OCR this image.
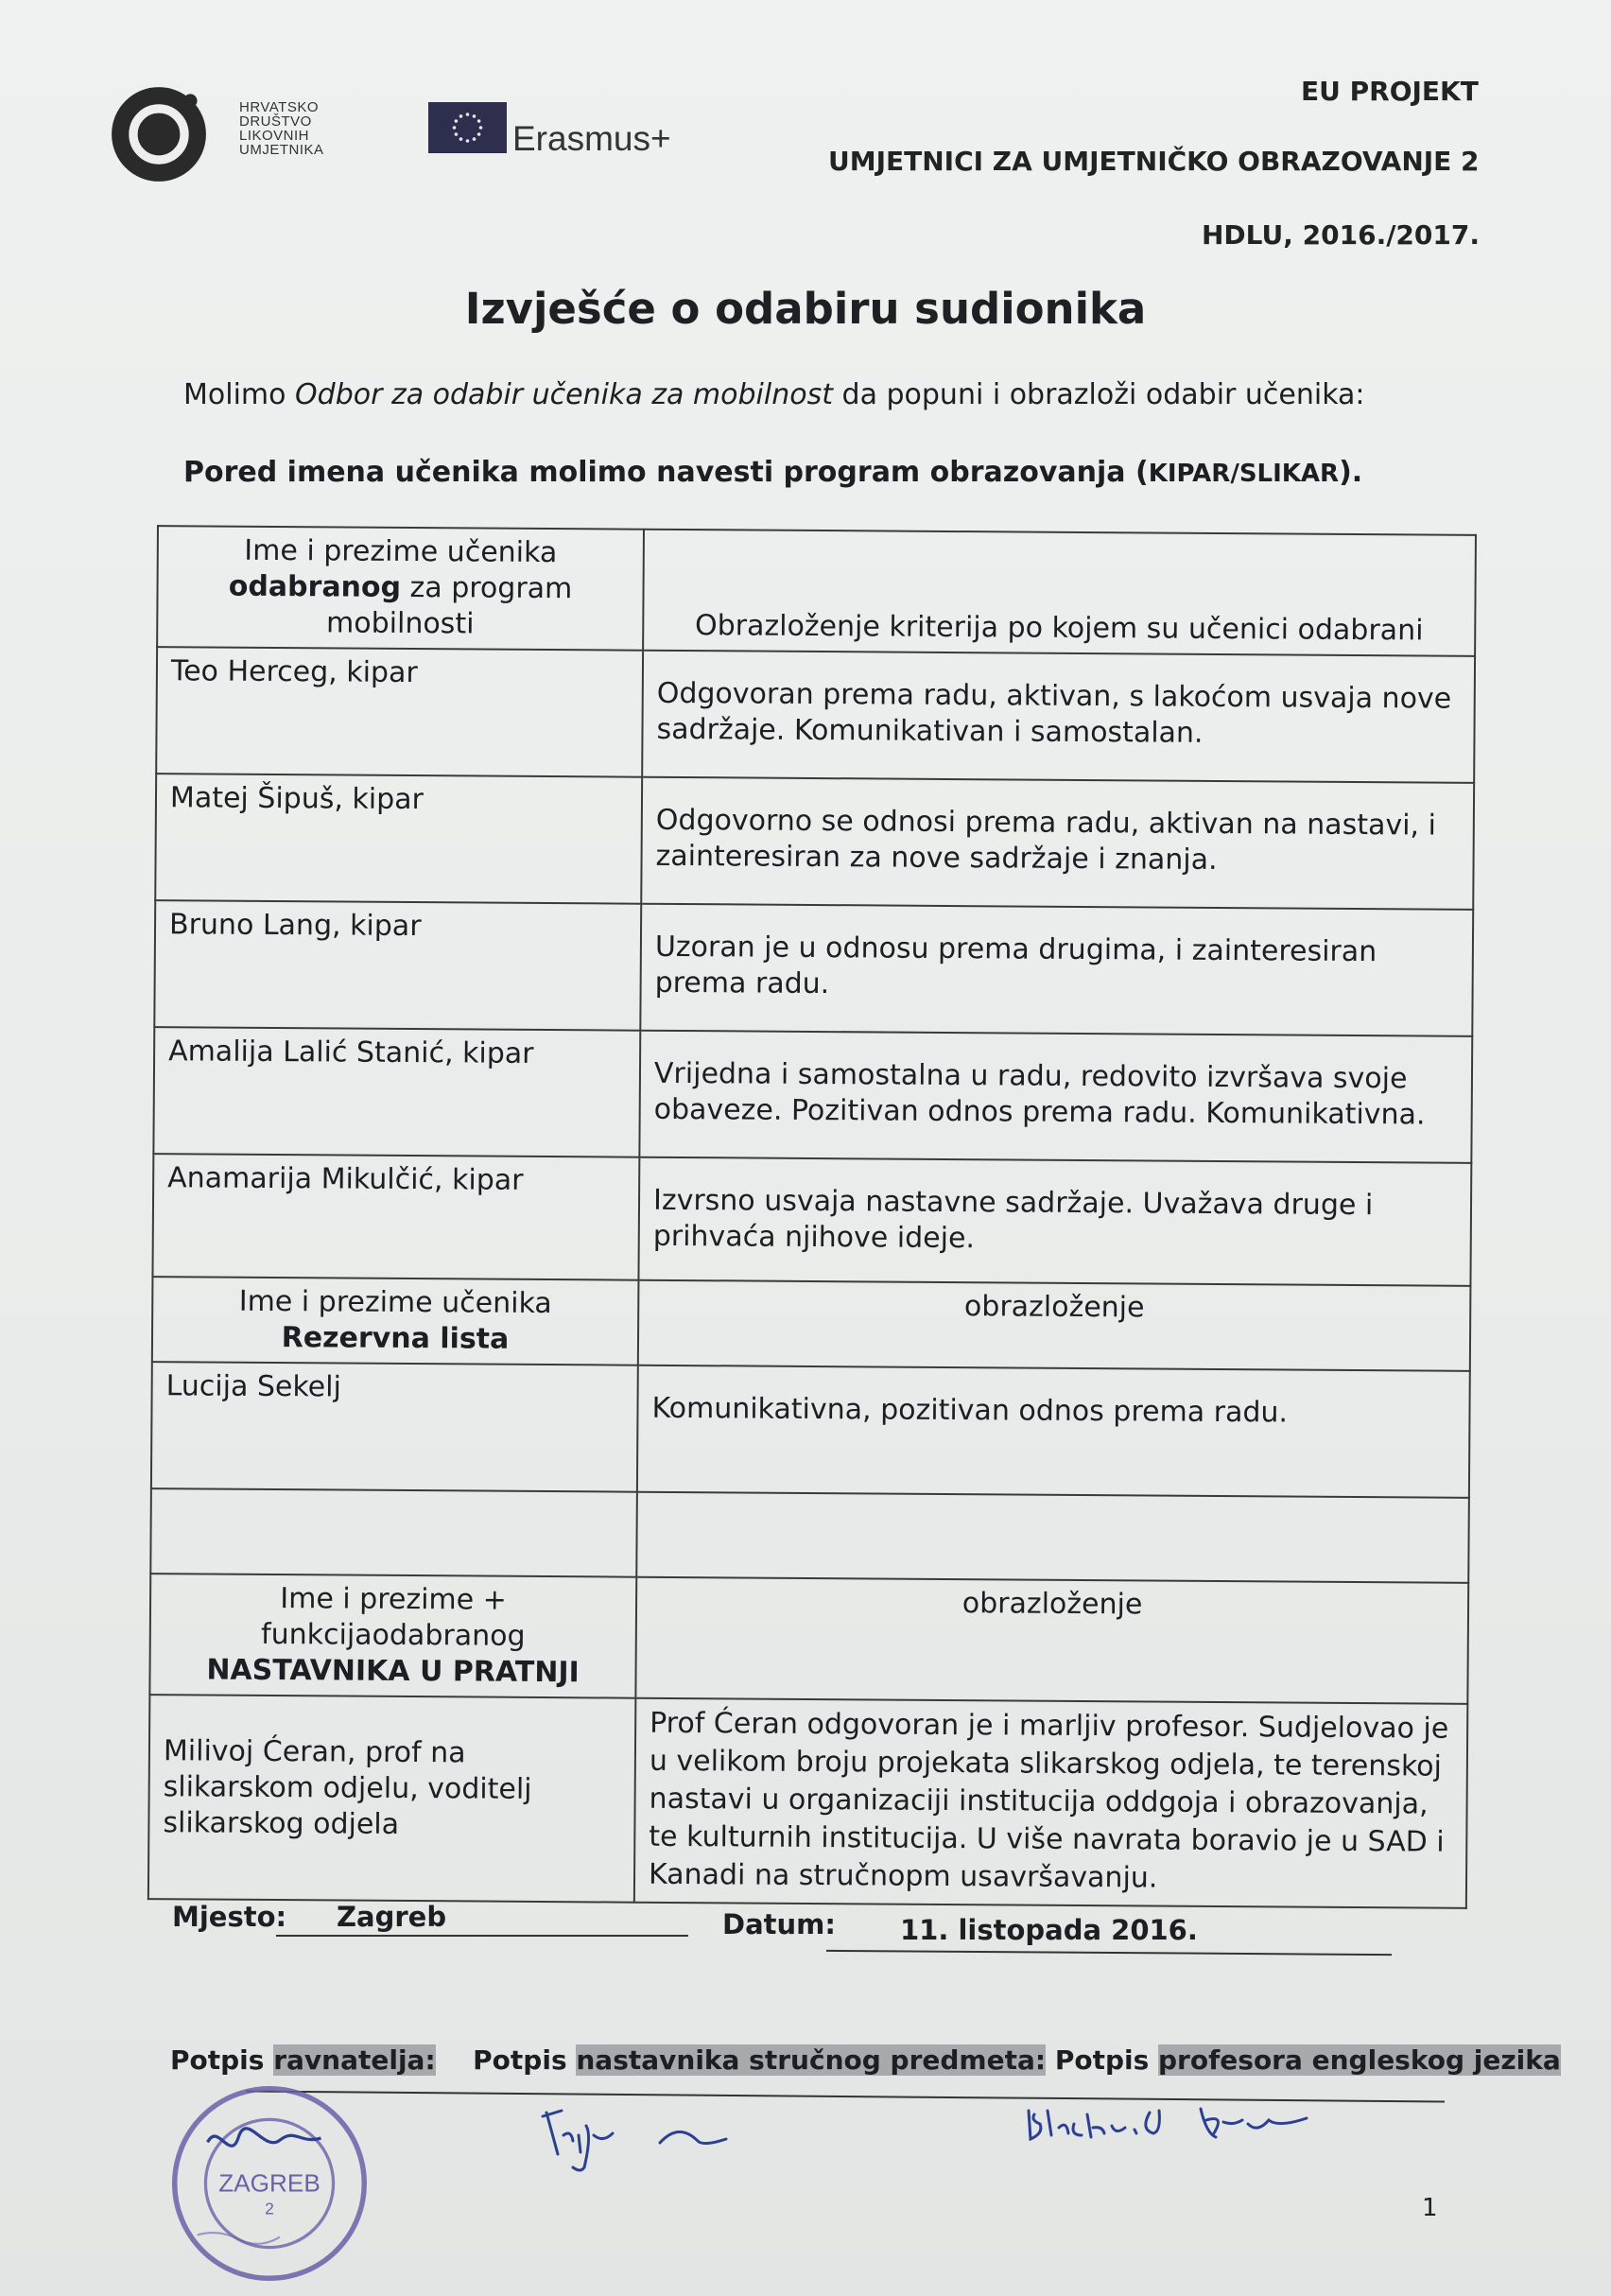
HRVATSKO
DRUŠTVO
LIKOVNIH
UMJETNIKA	Erasmus+
EU PROJEKT
UMJETNICI ZA UMJETNIČKO OBRAZOVANJE 2
HDLU, 2016./2017.
Izvješće o odabiru sudionika
Molimo Odbor za odabir učenika za mobilnost da popuni i obrazloži odabir učenika:
Pored imena učenika molimo navesti program obrazovanja (KIPAR/SLIKAR).
Ime i prezime učenika
odabranog za program mobilnosti	Obrazloženje kriterija po kojem su učenici odabrani
Teo Herceg, kipar	Odgovoran prema radu, aktivan, s lakoćom usvaja nove sadržaje. Komunikativan i samostalan.
Matej Šipuš, kipar	Odgovorno se odnosi prema radu, aktivan na nastavi, i zainteresiran za nove sadržaje i znanja.
Bruno Lang, kipar	Uzoran je u odnosu prema drugima, i zainteresiran prema radu.
Amalija Lalić Stanić, kipar	Vrijedna i samostalna u radu, redovito izvršava svoje obaveze. Pozitivan odnos prema radu. Komunikativna.
Anamarija Mikulčić, kipar	Izvrsno usvaja nastavne sadržaje. Uvažava druge i prihvaća njihove ideje.

Ime i prezime učenika
Rezervna lista	obrazloženje
Lucija Sekelj	Komunikativna, pozitivan odnos prema radu.

Ime i prezime + funkcijaodabranog
NASTAVNIKA U PRATNJI	obrazloženje
Milivoj Ćeran, prof na slikarskom odjelu, voditelj slikarskog odjela	Prof Ćeran odgovoran je i marljiv profesor. Sudjelovao je u velikom broju projekata slikarskog odjela, te terenskoj nastavi u organizaciji institucija oddgoja i obrazovanja, te kulturnih institucija. U više navrata boravio je u SAD i Kanadi na stručnopm usavršavanju.
Mjesto: Zagreb	Datum: 11. listopada 2016.
Potpis ravnatelja: Potpis nastavnika stručnog predmeta: Potpis profesora engleskog jezika
ZAGREB
2	1
